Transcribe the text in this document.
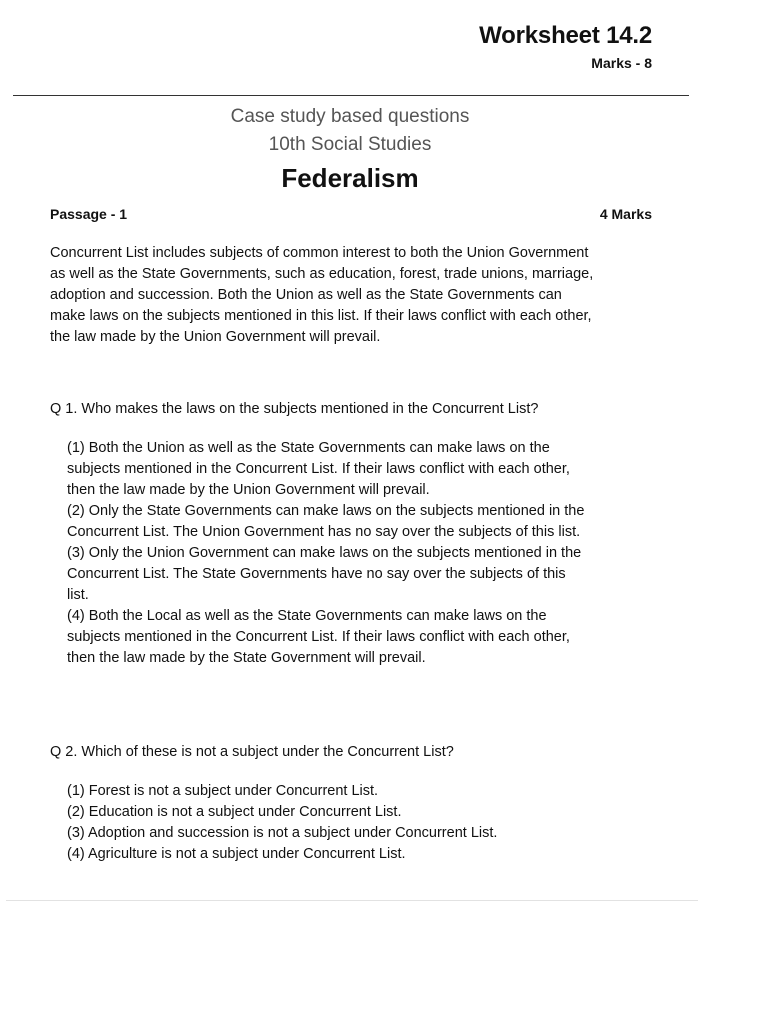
Worksheet 14.2
Marks - 8
Case study based questions
10th Social Studies
Federalism
Passage - 1	4 Marks

Concurrent List includes subjects of common interest to both the Union Government as well as the State Governments, such as education, forest, trade unions, marriage, adoption and succession. Both the Union as well as the State Governments can make laws on the subjects mentioned in this list. If their laws conflict with each other, the law made by the Union Government will prevail.

Q 1. Who makes the laws on the subjects mentioned in the Concurrent List?

(1) Both the Union as well as the State Governments can make laws on the subjects mentioned in the Concurrent List. If their laws conflict with each other, then the law made by the Union Government will prevail.
(2) Only the State Governments can make laws on the subjects mentioned in the Concurrent List. The Union Government has no say over the subjects of this list.
(3) Only the Union Government can make laws on the subjects mentioned in the Concurrent List. The State Governments have no say over the subjects of this list.
(4) Both the Local as well as the State Governments can make laws on the subjects mentioned in the Concurrent List. If their laws conflict with each other, then the law made by the State Government will prevail.

Q 2. Which of these is not a subject under the Concurrent List?

(1) Forest is not a subject under Concurrent List.
(2) Education is not a subject under Concurrent List.
(3) Adoption and succession is not a subject under Concurrent List.
(4) Agriculture is not a subject under Concurrent List.
